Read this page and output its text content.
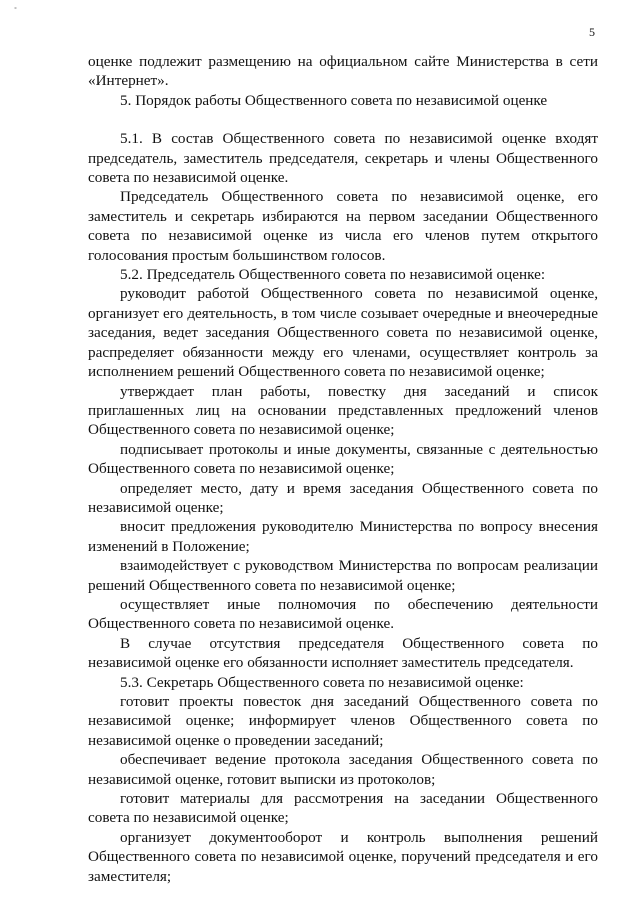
˚
5

оценке подлежит размещению на официальном сайте Министерства в сети «Интернет».

5. Порядок работы Общественного совета по независимой оценке

5.1. В состав Общественного совета по независимой оценке входят председатель, заместитель председателя, секретарь и члены Общественного совета по независимой оценке.

Председатель Общественного совета по независимой оценке, его заместитель и секретарь избираются на первом заседании Общественного совета по независимой оценке из числа его членов путем открытого голосования простым большинством голосов.

5.2. Председатель Общественного совета по независимой оценке:

руководит работой Общественного совета по независимой оценке, организует его деятельность, в том числе созывает очередные и внеочередные заседания, ведет заседания Общественного совета по независимой оценке, распределяет обязанности между его членами, осуществляет контроль за исполнением решений Общественного совета по независимой оценке;

утверждает план работы, повестку дня заседаний и список приглашенных лиц на основании представленных предложений членов Общественного совета по независимой оценке;

подписывает протоколы и иные документы, связанные с деятельностью Общественного совета по независимой оценке;

определяет место, дату и время заседания Общественного совета по независимой оценке;

вносит предложения руководителю Министерства по вопросу внесения изменений в Положение;

взаимодействует с руководством Министерства по вопросам реализации решений Общественного совета по независимой оценке;

осуществляет иные полномочия по обеспечению деятельности Общественного совета по независимой оценке.

В случае отсутствия председателя Общественного совета по независимой оценке его обязанности исполняет заместитель председателя.

5.3. Секретарь Общественного совета по независимой оценке:

готовит проекты повесток дня заседаний Общественного совета по независимой оценке; информирует членов Общественного совета по независимой оценке о проведении заседаний;

обеспечивает ведение протокола заседания Общественного совета по независимой оценке, готовит выписки из протоколов;

готовит материалы для рассмотрения на заседании Общественного совета по независимой оценке;

организует документооборот и контроль выполнения решений Общественного совета по независимой оценке, поручений председателя и его заместителя;
